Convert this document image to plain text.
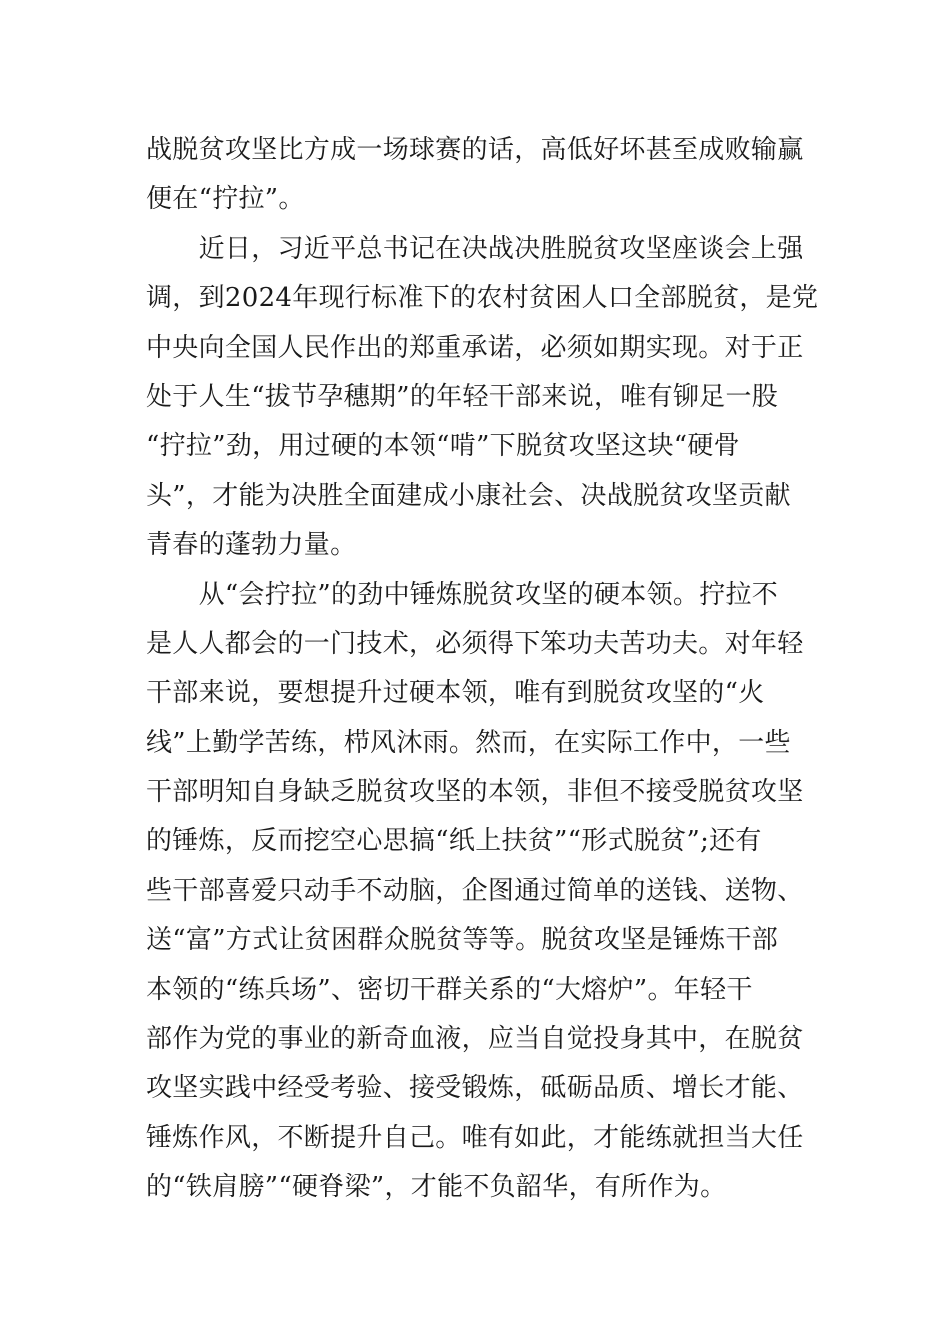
战脱贫攻坚比方成一场球赛的话，高低好坏甚至成败输赢
便在“拧拉”。
　　近日，习近平总书记在决战决胜脱贫攻坚座谈会上强
调，到2024年现行标准下的农村贫困人口全部脱贫，是党
中央向全国人民作出的郑重承诺，必须如期实现。对于正
处于人生“拔节孕穗期”的年轻干部来说，唯有铆足一股
“拧拉”劲，用过硬的本领“啃”下脱贫攻坚这块“硬骨
头”，才能为决胜全面建成小康社会、决战脱贫攻坚贡献
青春的蓬勃力量。
　　从“会拧拉”的劲中锤炼脱贫攻坚的硬本领。拧拉不
是人人都会的一门技术，必须得下笨功夫苦功夫。对年轻
干部来说，要想提升过硬本领，唯有到脱贫攻坚的“火
线”上勤学苦练，栉风沐雨。然而，在实际工作中，一些
干部明知自身缺乏脱贫攻坚的本领，非但不接受脱贫攻坚
的锤炼，反而挖空心思搞“纸上扶贫”“形式脱贫”;还有
些干部喜爱只动手不动脑，企图通过简单的送钱、送物、
送“富”方式让贫困群众脱贫等等。脱贫攻坚是锤炼干部
本领的“练兵场”、密切干群关系的“大熔炉”。年轻干
部作为党的事业的新奇血液，应当自觉投身其中，在脱贫
攻坚实践中经受考验、接受锻炼，砥砺品质、增长才能、
锤炼作风，不断提升自己。唯有如此，才能练就担当大任
的“铁肩膀”“硬脊梁”，才能不负韶华，有所作为。
